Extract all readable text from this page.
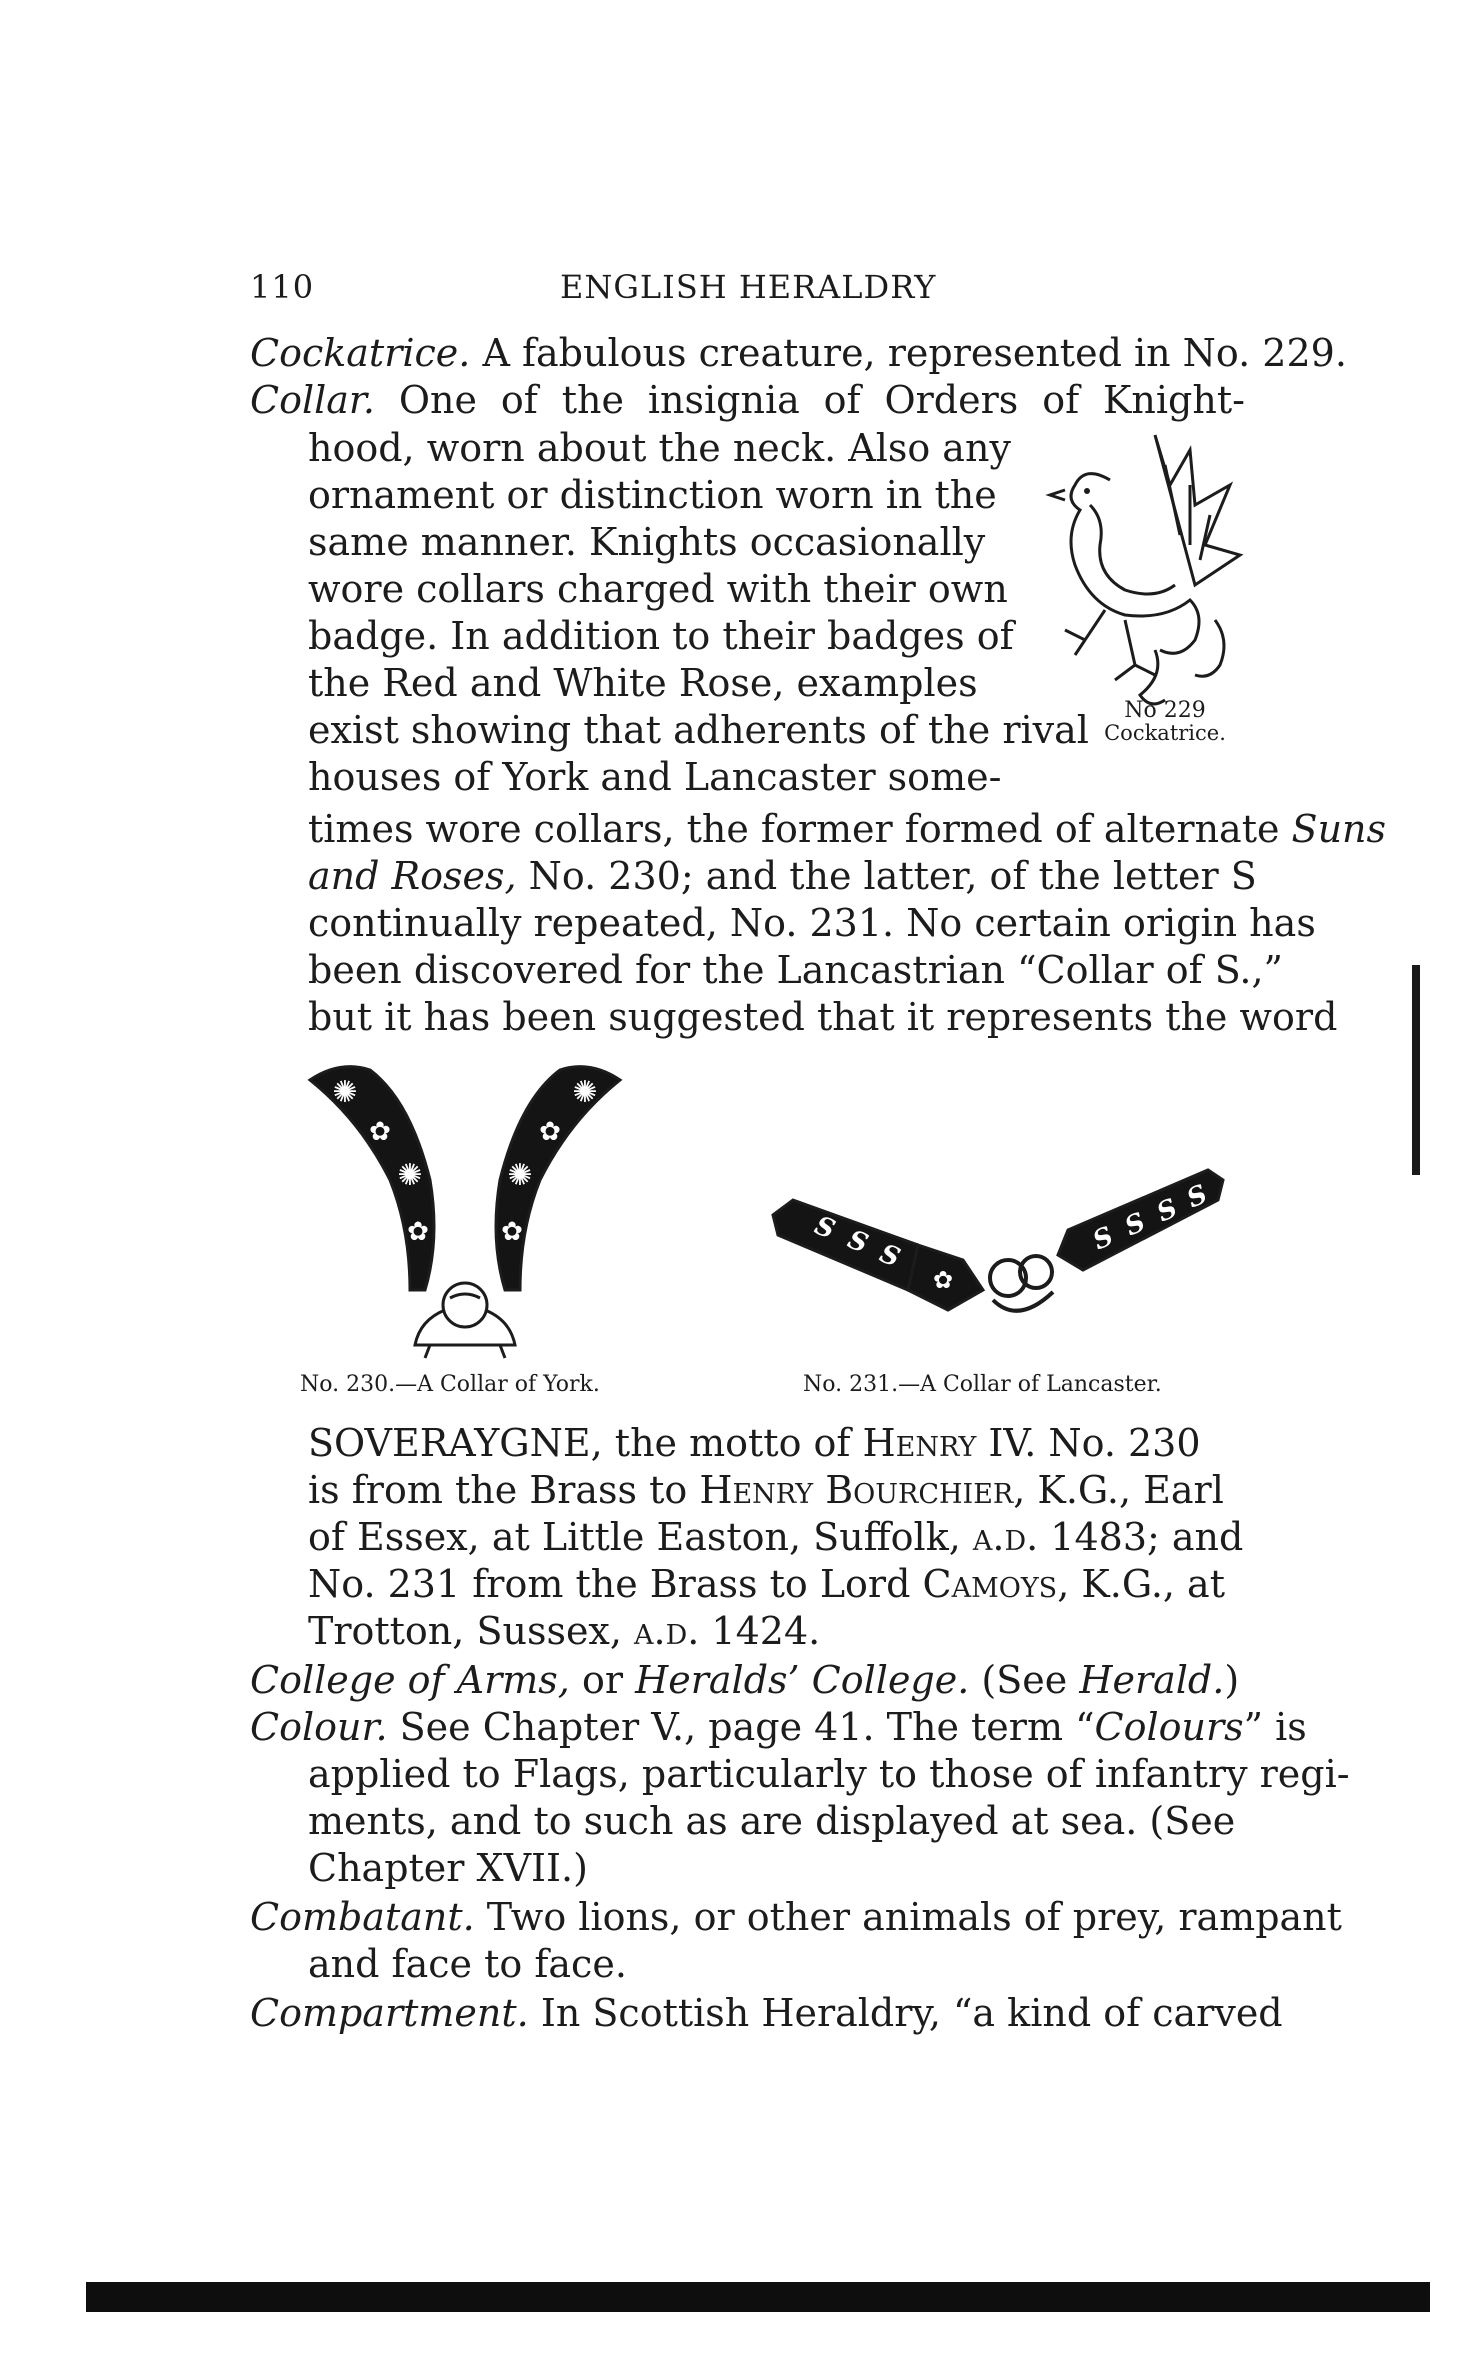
110	ENGLISH HERALDRY
Cockatrice. A fabulous creature, represented in No. 229.
Collar. One of the insignia of Orders of Knight-
hood, worn about the neck. Also any
ornament or distinction worn in the
same manner. Knights occasionally
wore collars charged with their own
badge. In addition to their badges of
the Red and White Rose, examples
exist showing that adherents of the rival
houses of York and Lancaster some-
No 229
Cockatrice.
times wore collars, the former formed of alternate Suns
and Roses, No. 230; and the latter, of the letter S
continually repeated, No. 231. No certain origin has
been discovered for the Lancastrian “Collar of S.,”
but it has been suggested that it represents the word
✺
✺
✺
✺
✿	✿
✿	✿	S S S	S S S S
✿
No. 230.—A Collar of York.	No. 231.—A Collar of Lancaster.
SOVERAYGNE, the motto of Henry IV. No. 230
is from the Brass to Henry Bourchier, K.G., Earl
of Essex, at Little Easton, Suffolk, a.d. 1483; and
No. 231 from the Brass to Lord Camoys, K.G., at
Trotton, Sussex, a.d. 1424.
College of Arms, or Heralds’ College. (See Herald.)
Colour. See Chapter V., page 41. The term “Colours” is
applied to Flags, particularly to those of infantry regi-
ments, and to such as are displayed at sea. (See
Chapter XVII.)
Combatant. Two lions, or other animals of prey, rampant
and face to face.
Compartment. In Scottish Heraldry, “a kind of carved
